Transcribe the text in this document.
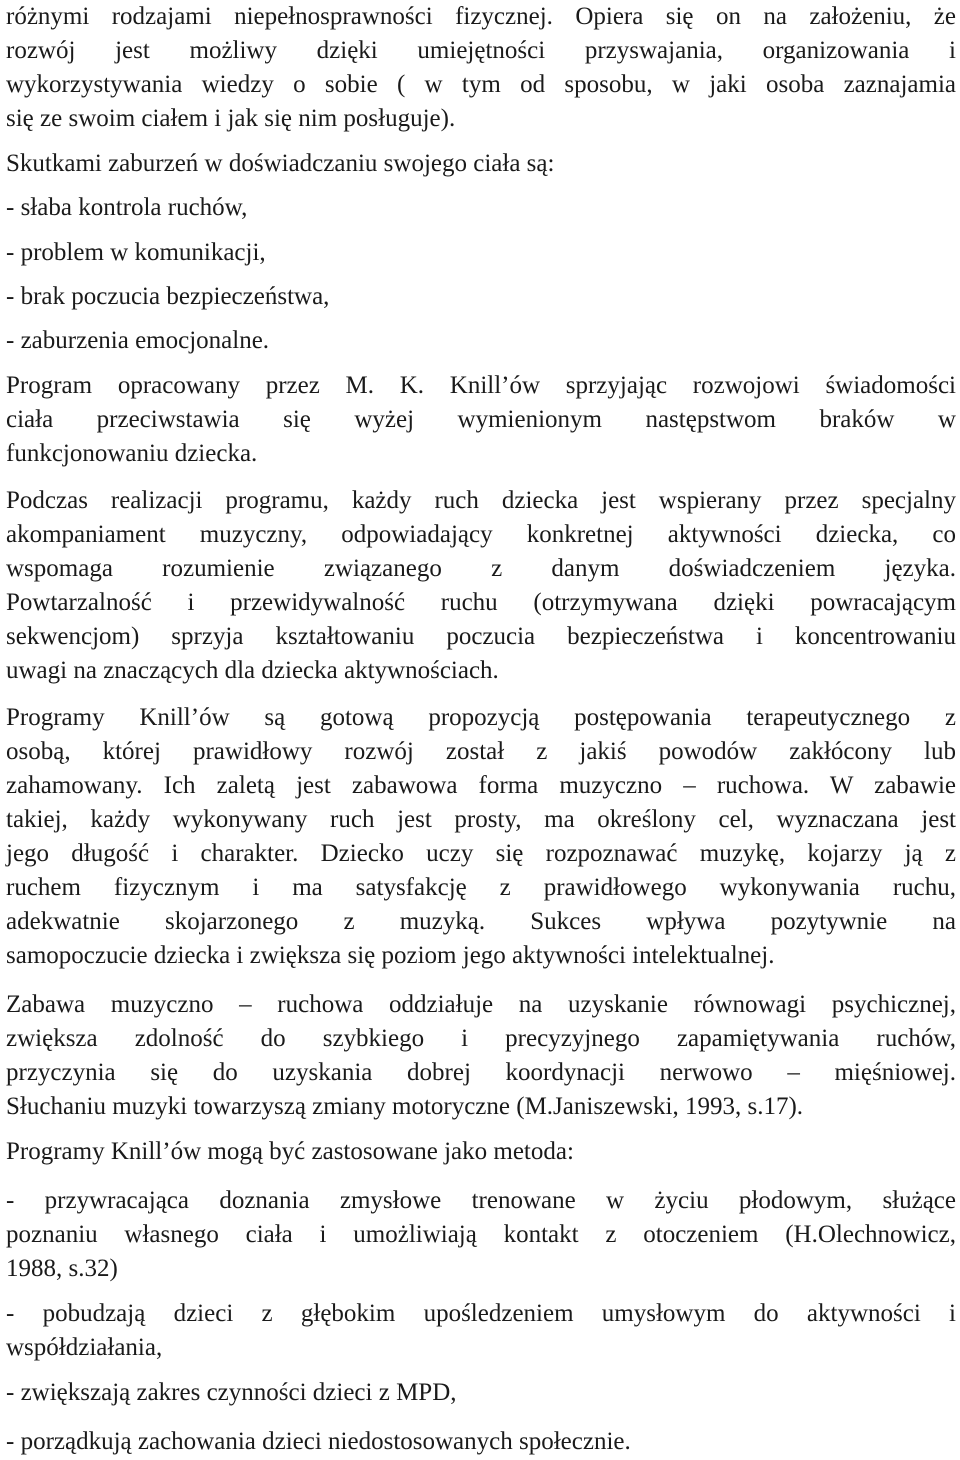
różnymi rodzajami niepełnosprawności fizycznej. Opiera się on na założeniu, że
rozwój jest możliwy dzięki umiejętności przyswajania, organizowania i
wykorzystywania wiedzy o sobie ( w tym od sposobu, w jaki osoba zaznajamia
się ze swoim ciałem i jak się nim posługuje).
Skutkami zaburzeń w doświadczaniu swojego ciała są:
- słaba kontrola ruchów,
- problem w komunikacji,
- brak poczucia bezpieczeństwa,
- zaburzenia emocjonalne.
Program opracowany przez M. K. Knill’ów sprzyjając rozwojowi świadomości
ciała przeciwstawia się wyżej wymienionym następstwom braków w
funkcjonowaniu dziecka.
Podczas realizacji programu, każdy ruch dziecka jest wspierany przez specjalny
akompaniament muzyczny, odpowiadający konkretnej aktywności dziecka, co
wspomaga rozumienie związanego z danym doświadczeniem języka.
Powtarzalność i przewidywalność ruchu (otrzymywana dzięki powracającym
sekwencjom) sprzyja kształtowaniu poczucia bezpieczeństwa i koncentrowaniu
uwagi na znaczących dla dziecka aktywnościach.
Programy Knill’ów są gotową propozycją postępowania terapeutycznego z
osobą, której prawidłowy rozwój został z jakiś powodów zakłócony lub
zahamowany. Ich zaletą jest zabawowa forma muzyczno – ruchowa. W zabawie
takiej, każdy wykonywany ruch jest prosty, ma określony cel, wyznaczana jest
jego długość i charakter. Dziecko uczy się rozpoznawać muzykę, kojarzy ją z
ruchem fizycznym i ma satysfakcję z prawidłowego wykonywania ruchu,
adekwatnie skojarzonego z muzyką. Sukces wpływa pozytywnie na
samopoczucie dziecka i zwiększa się poziom jego aktywności intelektualnej.
Zabawa muzyczno – ruchowa oddziałuje na uzyskanie równowagi psychicznej,
zwiększa zdolność do szybkiego i precyzyjnego zapamiętywania ruchów,
przyczynia się do uzyskania dobrej koordynacji nerwowo – mięśniowej.
Słuchaniu muzyki towarzyszą zmiany motoryczne (M.Janiszewski, 1993, s.17).
Programy Knill’ów mogą być zastosowane jako metoda:
- przywracająca doznania zmysłowe trenowane w życiu płodowym, służące
poznaniu własnego ciała i umożliwiają kontakt z otoczeniem (H.Olechnowicz,
1988, s.32)
- pobudzają dzieci z głębokim upośledzeniem umysłowym do aktywności i
współdziałania,
- zwiększają zakres czynności dzieci z MPD,
- porządkują zachowania dzieci niedostosowanych społecznie.
